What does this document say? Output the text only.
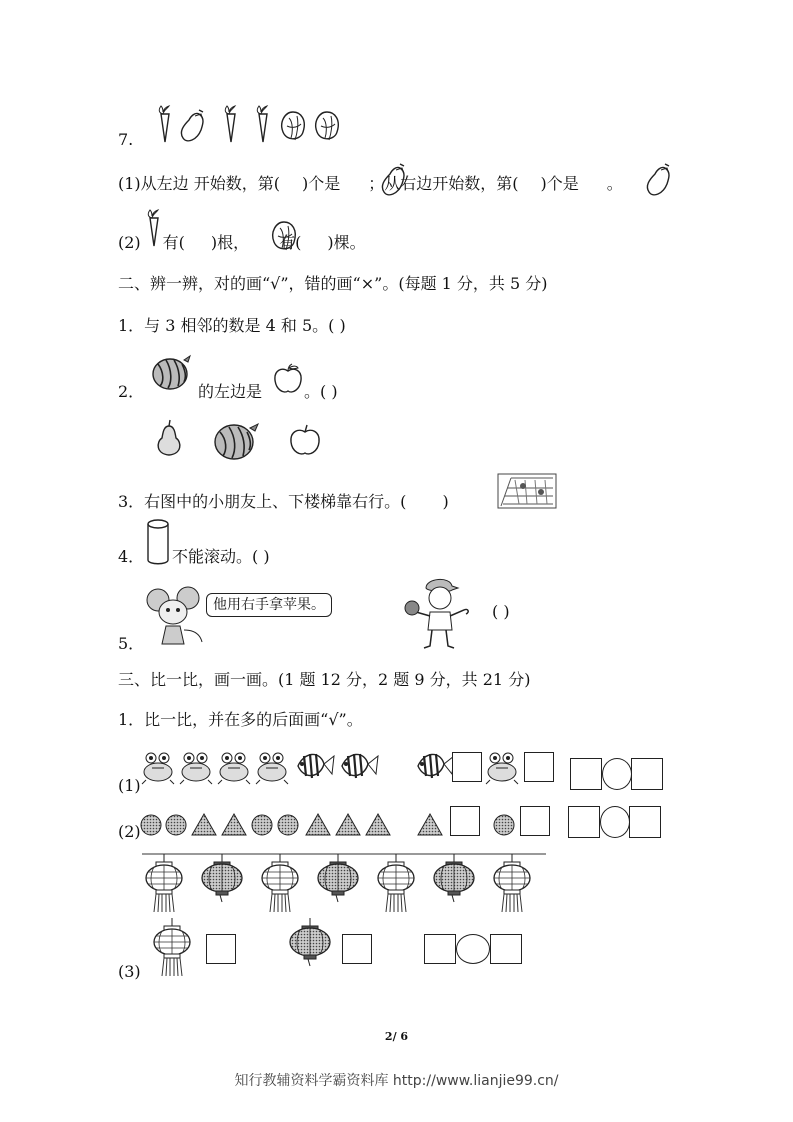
7.
(1)从左边 开始数，第( )个是 ；从右边开始数，第( )个是 。
(2) 有( )根， 有( )棵。
二、辨一辨，对的画“√”，错的画“×”。(每题 1 分，共 5 分)
1．与 3 相邻的数是 4 和 5。( )
2．	的左边是	。( )
3．右图中的小朋友上、下楼梯靠右行。( )
4． 不能滚动。( )
他用右手拿苹果。
5．
( )
三、比一比，画一画。(1 题 12 分，2 题 9 分，共 21 分)
1．比一比，并在多的后面画“√”。
(1)
(2)
(3)
2/ 6
知行教辅资料学霸资料库 http://www.lianjie99.cn/
